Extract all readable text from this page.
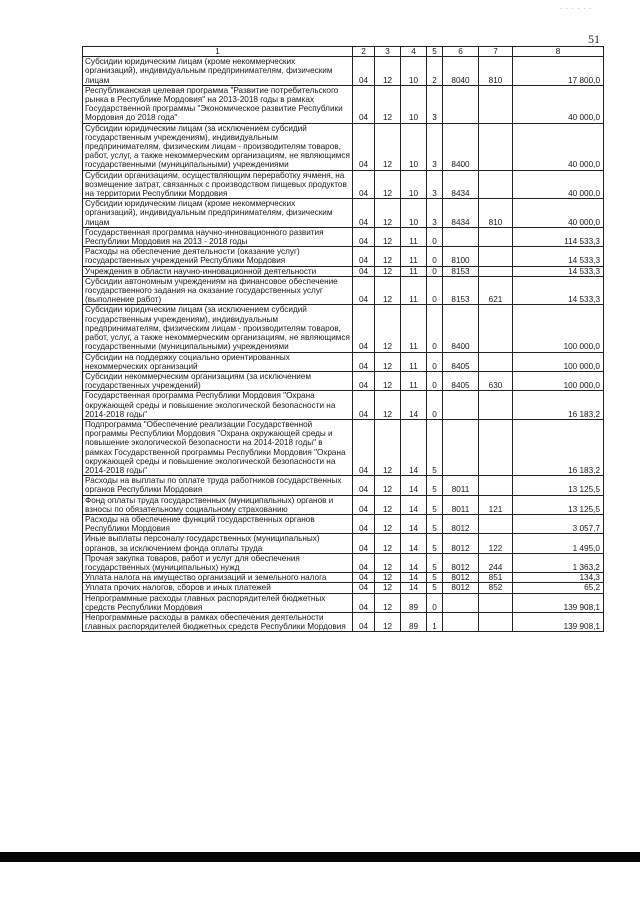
. . . . . .
51
1	2	3	4	5	6	7	8
Субсидии юридическим лицам (кроме некоммерческих организаций), индивидуальным предпринимателям, физическим лицам	04	12	10	2	8040	810	17 800,0
Республиканская целевая программа "Развитие потребительского рынка в Республике Мордовия" на 2013-2018 годы в рамках Государственной программы "Экономическое развитие Республики Мордовия до 2018 года"	04	12	10	3			40 000,0
Субсидии юридическим лицам (за исключением субсидий государственным учреждениям), индивидуальным предпринимателям, физическим лицам - производителям товаров, работ, услуг, а также некоммерческим организациям, не являющимся государственными (муниципальными) учреждениями	04	12	10	3	8400		40 000,0
Субсидии организациям, осуществляющим переработку ячменя, на возмещение затрат, связанных с производством пищевых продуктов на территории Республики Мордовия	04	12	10	3	8434		40 000,0
Субсидии юридическим лицам (кроме некоммерческих организаций), индивидуальным предпринимателям, физическим лицам	04	12	10	3	8434	810	40 000,0
Государственная программа научно-инновационного развития Республики Мордовия на 2013 - 2018 годы	04	12	11	0			114 533,3
Расходы на обеспечение деятельности (оказание услуг) государственных учреждений Республики Мордовия	04	12	11	0	8100		14 533,3
Учреждения в области научно-инновационной деятельности	04	12	11	0	8153		14 533,3
Субсидии автономным учреждениям на финансовое обеспечение государственного задания на оказание государственных услуг (выполнение работ)	04	12	11	0	8153	621	14 533,3
Субсидии юридическим лицам (за исключением субсидий государственным учреждениям), индивидуальным предпринимателям, физическим лицам - производителям товаров, работ, услуг, а также некоммерческим организациям, не являющимся государственными (муниципальными) учреждениями	04	12	11	0	8400		100 000,0
Субсидии на поддержку социально ориентированных некоммерческих организаций	04	12	11	0	8405		100 000,0
Субсидии некоммерческим организациям (за исключением государственных учреждений)	04	12	11	0	8405	630	100 000,0
Государственная программа Республики Мордовия "Охрана окружающей среды и повышение экологической безопасности на 2014-2018 годы"	04	12	14	0			16 183,2
Подпрограмма "Обеспечение реализации Государственной программы Республики Мордовия "Охрана окружающей среды и повышение экологической безопасности на 2014-2018 годы" в рамках Государственной программы Республики Мордовия "Охрана окружающей среды и повышение экологической безопасности на 2014-2018 годы"	04	12	14	5			16 183,2
Расходы на выплаты по оплате труда работников государственных органов Республики Мордовия	04	12	14	5	8011		13 125,5
Фонд оплаты труда государственных (муниципальных) органов и взносы по обязательному социальному страхованию	04	12	14	5	8011	121	13 125,5
Расходы на обеспечение функций государственных органов Республики Мордовия	04	12	14	5	8012		3 057,7
Иные выплаты персоналу государственных (муниципальных) органов, за исключением фонда оплаты труда	04	12	14	5	8012	122	1 495,0
Прочая закупка товаров, работ и услуг для обеспечения государственных (муниципальных) нужд	04	12	14	5	8012	244	1 363,2
Уплата налога на имущество организаций и земельного налога	04	12	14	5	8012	851	134,3
Уплата прочих налогов, сборов и иных платежей	04	12	14	5	8012	852	65,2
Непрограммные расходы главных распорядителей бюджетных средств Республики Мордовия	04	12	89	0			139 908,1
Непрограммные расходы в рамках обеспечения деятельности главных распорядителей бюджетных средств Республики Мордовия	04	12	89	1			139 908,1
